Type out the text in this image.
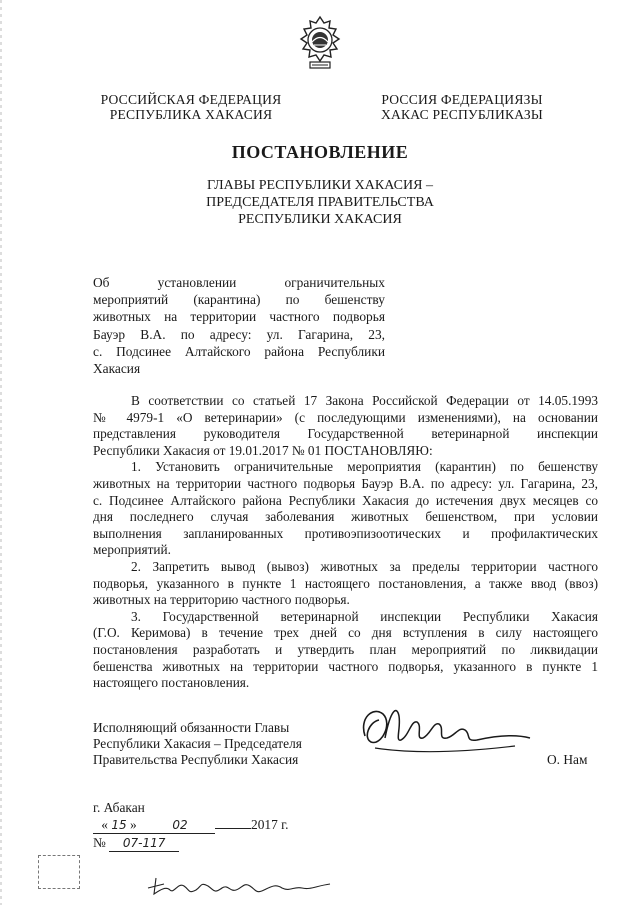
РОССИЙСКАЯ ФЕДЕРАЦИЯ
РЕСПУБЛИКА ХАКАСИЯ
РОССИЯ ФЕДЕРАЦИЯЗЫ
ХАКАС РЕСПУБЛИКАЗЫ
ПОСТАНОВЛЕНИЕ
ГЛАВЫ РЕСПУБЛИКИ ХАКАСИЯ –
ПРЕДСЕДАТЕЛЯ ПРАВИТЕЛЬСТВА
РЕСПУБЛИКИ ХАКАСИЯ
Об установлении ограничительных
мероприятий (карантина) по бешенству
животных на территории частного подворья
Бауэр В.А. по адресу: ул. Гагарина, 23,
с. Подсинее Алтайского района Республики
Хакасия
В соответствии со статьей 17 Закона Российской Федерации от 14.05.1993
№ 4979-1 «О ветеринарии» (с последующими изменениями), на основании
представления руководителя Государственной ветеринарной инспекции
Республики Хакасия от 19.01.2017 № 01 ПОСТАНОВЛЯЮ:
1. Установить ограничительные мероприятия (карантин) по бешенству
животных на территории частного подворья Бауэр В.А. по адресу: ул. Гагарина, 23,
с. Подсинее Алтайского района Республики Хакасия до истечения двух месяцев со
дня последнего случая заболевания животных бешенством, при условии
выполнения запланированных противоэпизоотических и профилактических
мероприятий.
2. Запретить вывод (вывоз) животных за пределы территории частного
подворья, указанного в пункте 1 настоящего постановления, а также ввод (ввоз)
животных на территорию частного подворья.
3. Государственной ветеринарной инспекции Республики Хакасия
(Г.О. Керимова) в течение трех дней со дня вступления в силу настоящего
постановления разработать и утвердить план мероприятий по ликвидации
бешенства животных на территории частного подворья, указанного в пункте 1
настоящего постановления.
Исполняющий обязанности Главы
Республики Хакасия – Председателя
Правительства Республики Хакасия	О. Нам
г. Абакан
« 15 »	02	2017 г.
№ 07-117
